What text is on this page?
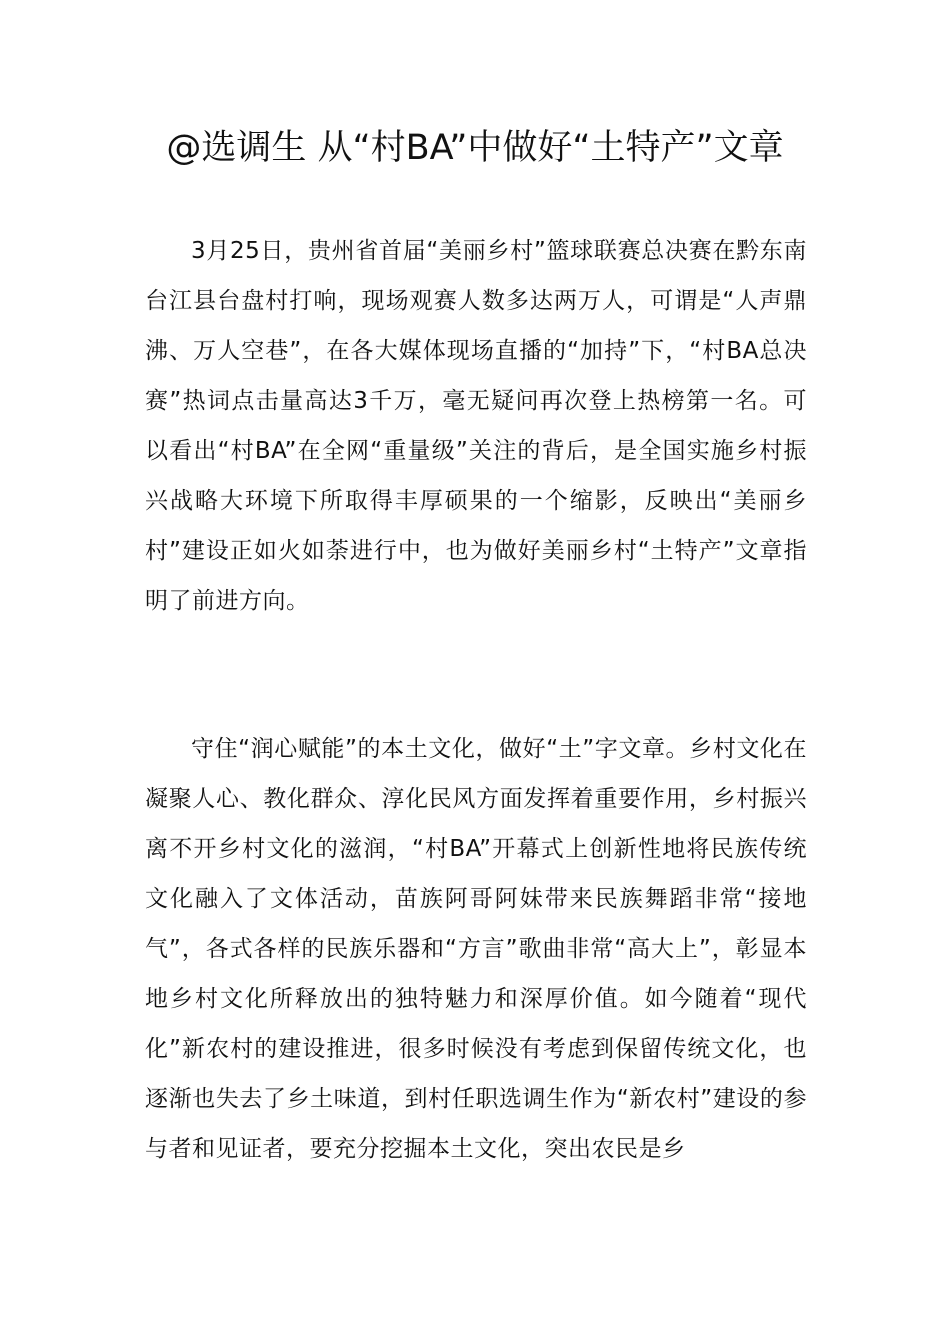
@选调生 从“村BA”中做好“土特产”文章

3月25日，贵州省首届“美丽乡村”篮球联赛总决赛在黔东南台江县台盘村打响，现场观赛人数多达两万人，可谓是“人声鼎沸、万人空巷”，在各大媒体现场直播的“加持”下，“村BA总决赛”热词点击量高达3千万，毫无疑问再次登上热榜第一名。可以看出“村BA”在全网“重量级”关注的背后，是全国实施乡村振兴战略大环境下所取得丰厚硕果的一个缩影，反映出“美丽乡村”建设正如火如荼进行中，也为做好美丽乡村“土特产”文章指明了前进方向。

守住“润心赋能”的本土文化，做好“土”字文章。乡村文化在凝聚人心、教化群众、淳化民风方面发挥着重要作用，乡村振兴离不开乡村文化的滋润，“村BA”开幕式上创新性地将民族传统文化融入了文体活动，苗族阿哥阿妹带来民族舞蹈非常“接地气”，各式各样的民族乐器和“方言”歌曲非常“高大上”，彰显本地乡村文化所释放出的独特魅力和深厚价值。如今随着“现代化”新农村的建设推进，很多时候没有考虑到保留传统文化，也逐渐也失去了乡土味道，到村任职选调生作为“新农村”建设的参与者和见证者，要充分挖掘本土文化，突出农民是乡
